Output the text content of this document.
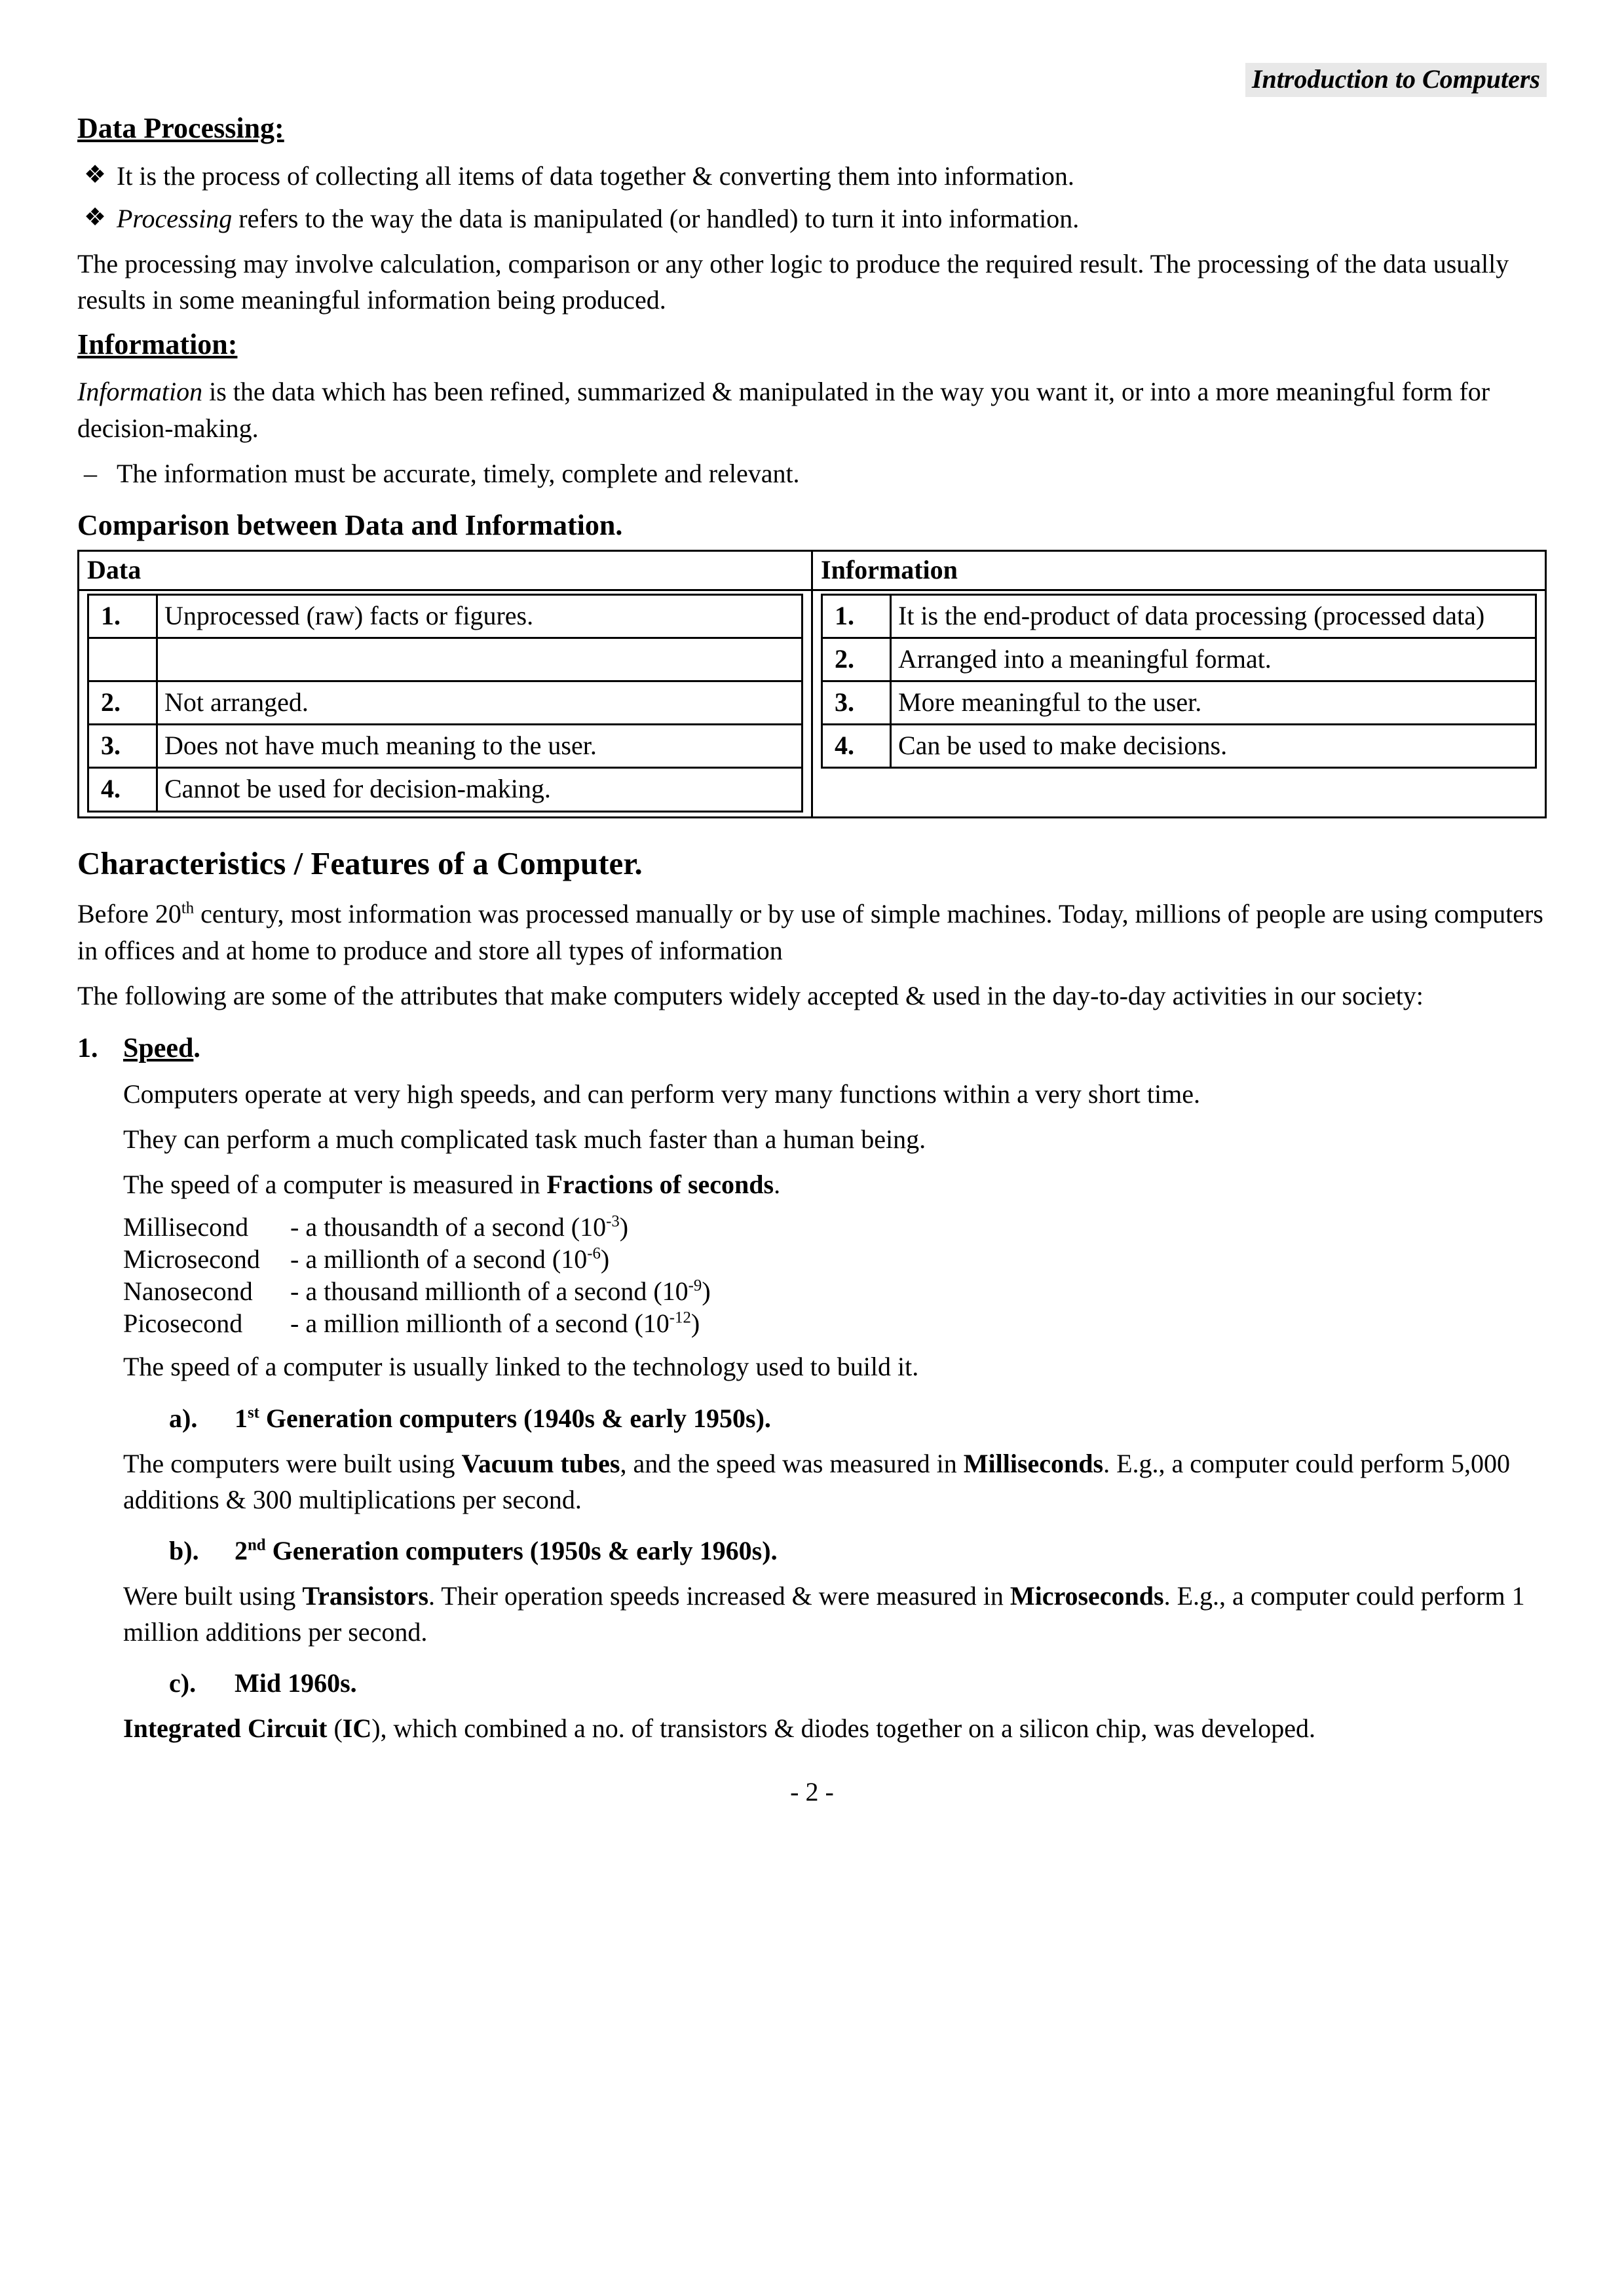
Introduction to Computers
Data Processing:
❖ It is the process of collecting all items of data together & converting them into information.
❖ Processing refers to the way the data is manipulated (or handled) to turn it into information.

The processing may involve calculation, comparison or any other logic to produce the required result. The processing of the data usually results in some meaningful information being produced.

Information:

Information is the data which has been refined, summarized & manipulated in the way you want it, or into a more meaningful form for decision-making.

– The information must be accurate, timely, complete and relevant.
Comparison between Data and Information.
Data	Information

1.	Unprocessed (raw) facts or figures.

2.	Not arranged.
3.	Does not have much meaning to the user.
4.	Cannot be used for decision-making.

1.	It is the end-product of data processing (processed data)
2.	Arranged into a meaningful format.
3.	More meaningful to the user.
4.	Can be used to make decisions.
Characteristics / Features of a Computer.

Before 20th century, most information was processed manually or by use of simple machines. Today, millions of people are using computers in offices and at home to produce and store all types of information

The following are some of the attributes that make computers widely accepted & used in the day-to-day activities in our society:

1. Speed.

Computers operate at very high speeds, and can perform very many functions within a very short time.

They can perform a much complicated task much faster than a human being.

The speed of a computer is measured in Fractions of seconds.

Millisecond	- a thousandth of a second $(10^{-3})$
Microsecond	- a millionth of a second $(10^{-6})$
Nanosecond	- a thousand millionth of a second $(10^{-9})$
Picosecond	- a million millionth of a second $(10^{-12})$

The speed of a computer is usually linked to the technology used to build it.

a).	1st Generation computers (1940s & early 1950s).

The computers were built using Vacuum tubes, and the speed was measured in Milliseconds. E.g., a computer could perform 5,000 additions & 300 multiplications per second.

b).	2nd Generation computers (1950s & early 1960s).

Were built using Transistors. Their operation speeds increased & were measured in Microseconds. E.g., a computer could perform 1 million additions per second.

c).	Mid 1960s.

Integrated Circuit (IC), which combined a no. of transistors & diodes together on a silicon chip, was developed.

- 2 -
